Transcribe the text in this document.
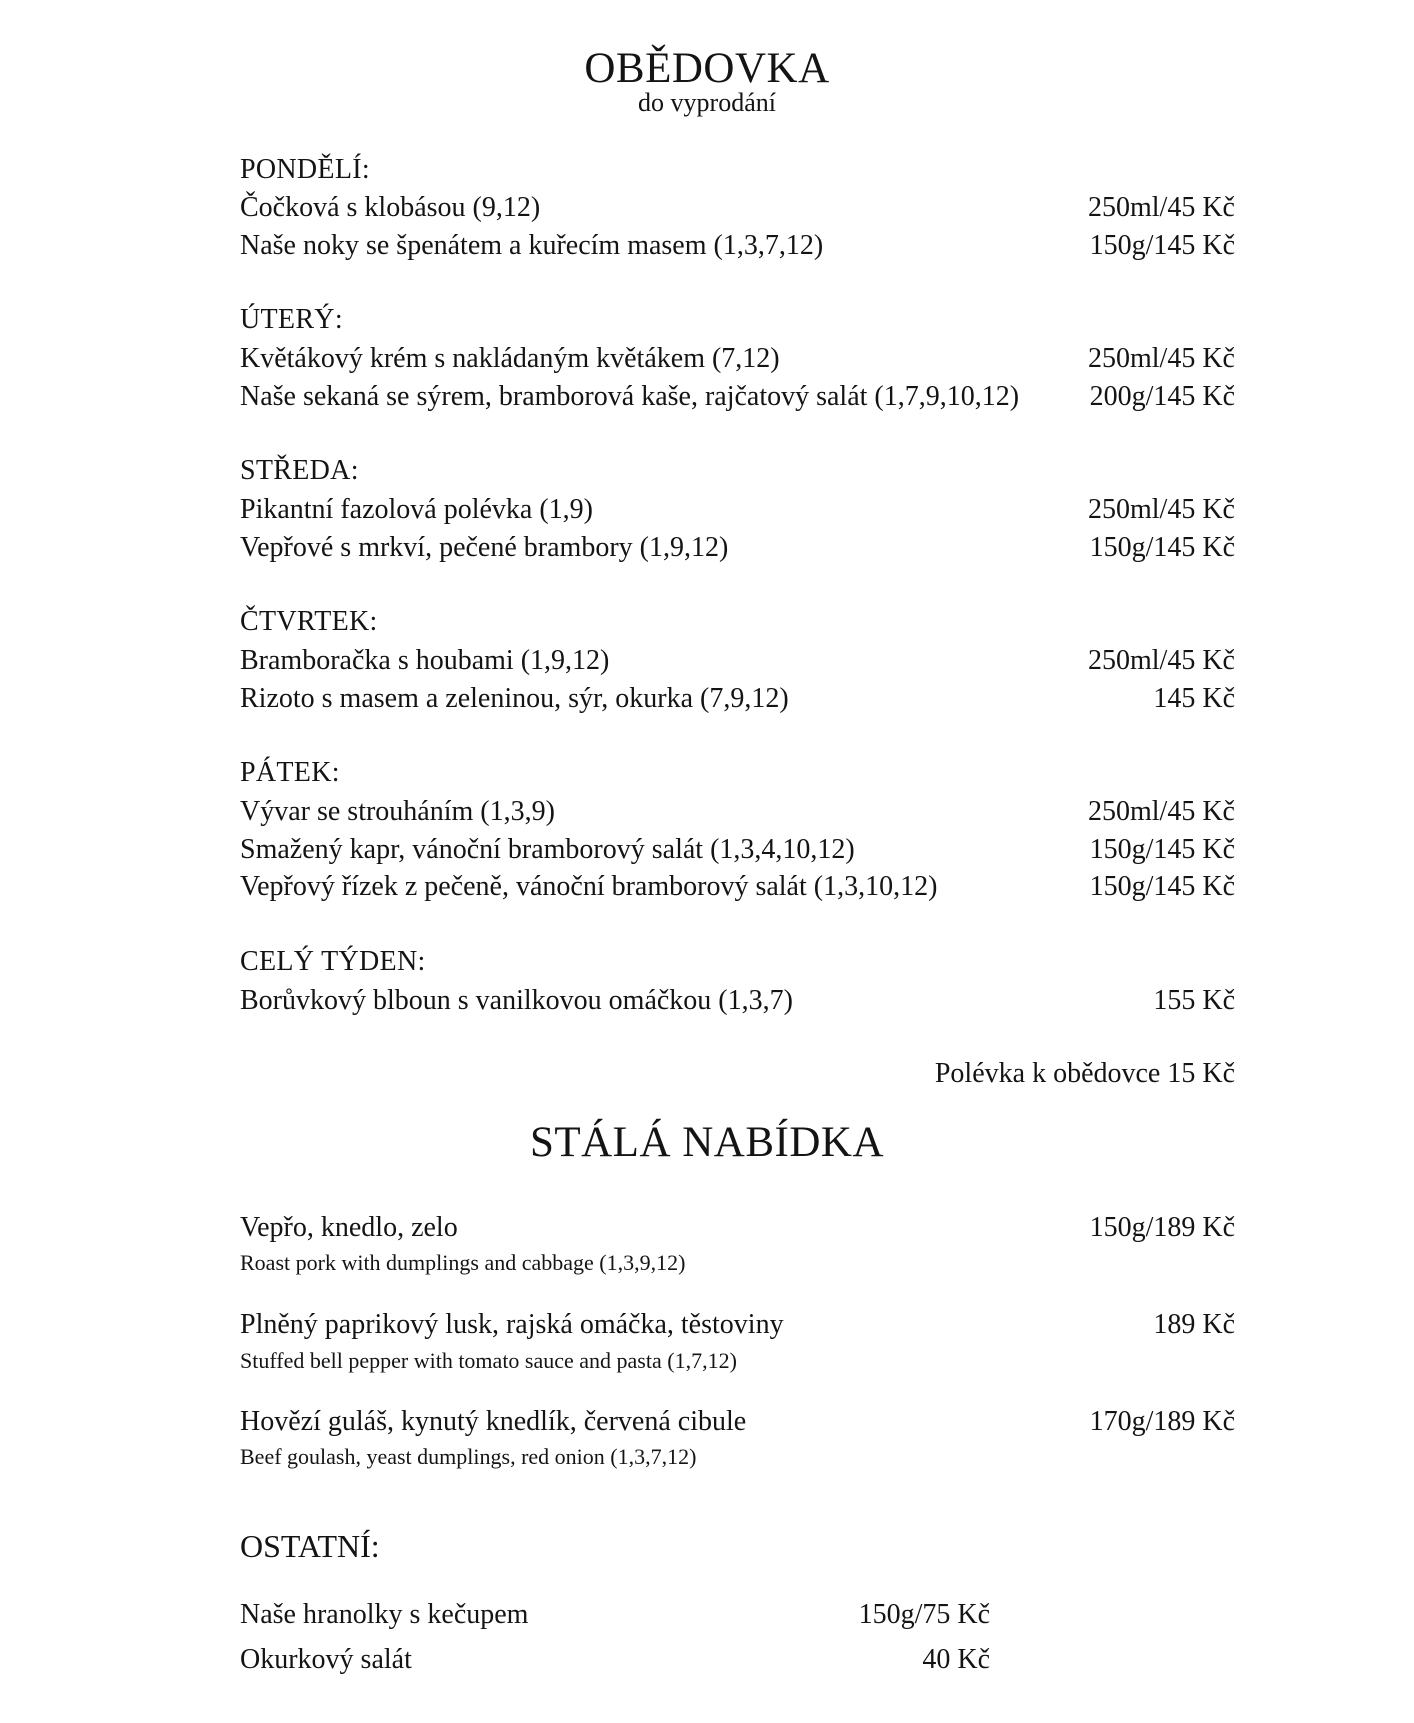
OBĚDOVKA
do vyprodání
PONDĚLÍ:
Čočková s klobásou (9,12)	250ml/45 Kč
Naše noky se špenátem a kuřecím masem (1,3,7,12)	150g/145 Kč
ÚTERÝ:
Květákový krém s nakládaným květákem (7,12)	250ml/45 Kč
Naše sekaná se sýrem, bramborová kaše, rajčatový salát (1,7,9,10,12)	200g/145 Kč
STŘEDA:
Pikantní fazolová polévka (1,9)	250ml/45 Kč
Vepřové s mrkví, pečené brambory (1,9,12)	150g/145 Kč
ČTVRTEK:
Bramboračka s houbami (1,9,12)	250ml/45 Kč
Rizoto s masem a zeleninou, sýr, okurka (7,9,12)	145 Kč
PÁTEK:
Vývar se strouháním (1,3,9)	250ml/45 Kč
Smažený kapr, vánoční bramborový salát (1,3,4,10,12)	150g/145 Kč
Vepřový řízek z pečeně, vánoční bramborový salát (1,3,10,12)	150g/145 Kč
CELÝ TÝDEN:
Borůvkový blboun s vanilkovou omáčkou (1,3,7)	155 Kč
Polévka k obědovce 15 Kč
STÁLÁ NABÍDKA
Vepřo, knedlo, zelo	150g/189 Kč
Roast pork with dumplings and cabbage (1,3,9,12)
Plněný paprikový lusk, rajská omáčka, těstoviny	189 Kč
Stuffed bell pepper with tomato sauce and pasta (1,7,12)
Hovězí guláš, kynutý knedlík, červená cibule	170g/189 Kč
Beef goulash, yeast dumplings, red onion (1,3,7,12)
OSTATNÍ:
Naše hranolky s kečupem	150g/75 Kč
Okurkový salát	40 Kč
